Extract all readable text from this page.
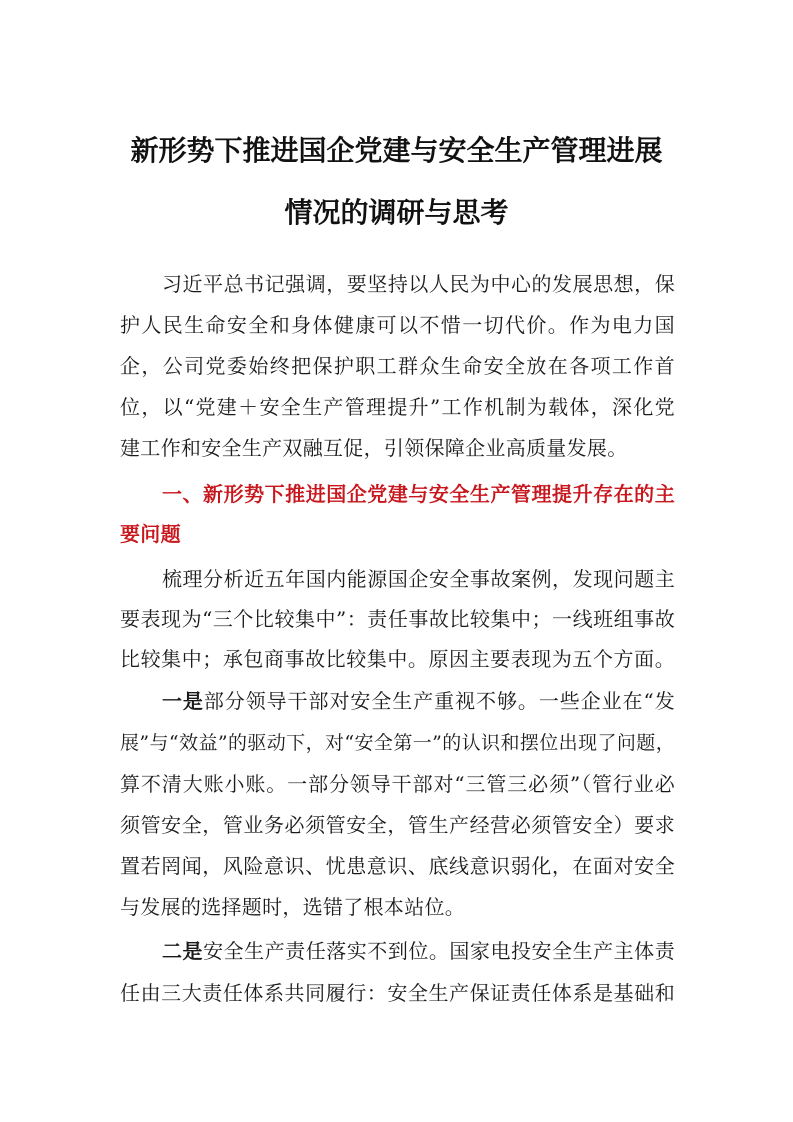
新形势下推进国企党建与安全生产管理进展
情况的调研与思考
习近平总书记强调，要坚持以人民为中心的发展思想，保
护人民生命安全和身体健康可以不惜一切代价。作为电力国
企，公司党委始终把保护职工群众生命安全放在各项工作首
位，以“党建＋安全生产管理提升”工作机制为载体，深化党
建工作和安全生产双融互促，引领保障企业高质量发展。
一、新形势下推进国企党建与安全生产管理提升存在的主
要问题
梳理分析近五年国内能源国企安全事故案例，发现问题主
要表现为“三个比较集中”：责任事故比较集中；一线班组事故
比较集中；承包商事故比较集中。原因主要表现为五个方面。
一是部分领导干部对安全生产重视不够。一些企业在“发
展”与“效益”的驱动下，对“安全第一”的认识和摆位出现了问题，
算不清大账小账。一部分领导干部对“三管三必须”（管行业必
须管安全，管业务必须管安全，管生产经营必须管安全）要求
置若罔闻，风险意识、忧患意识、底线意识弱化，在面对安全
与发展的选择题时，选错了根本站位。
二是安全生产责任落实不到位。国家电投安全生产主体责
任由三大责任体系共同履行：安全生产保证责任体系是基础和
